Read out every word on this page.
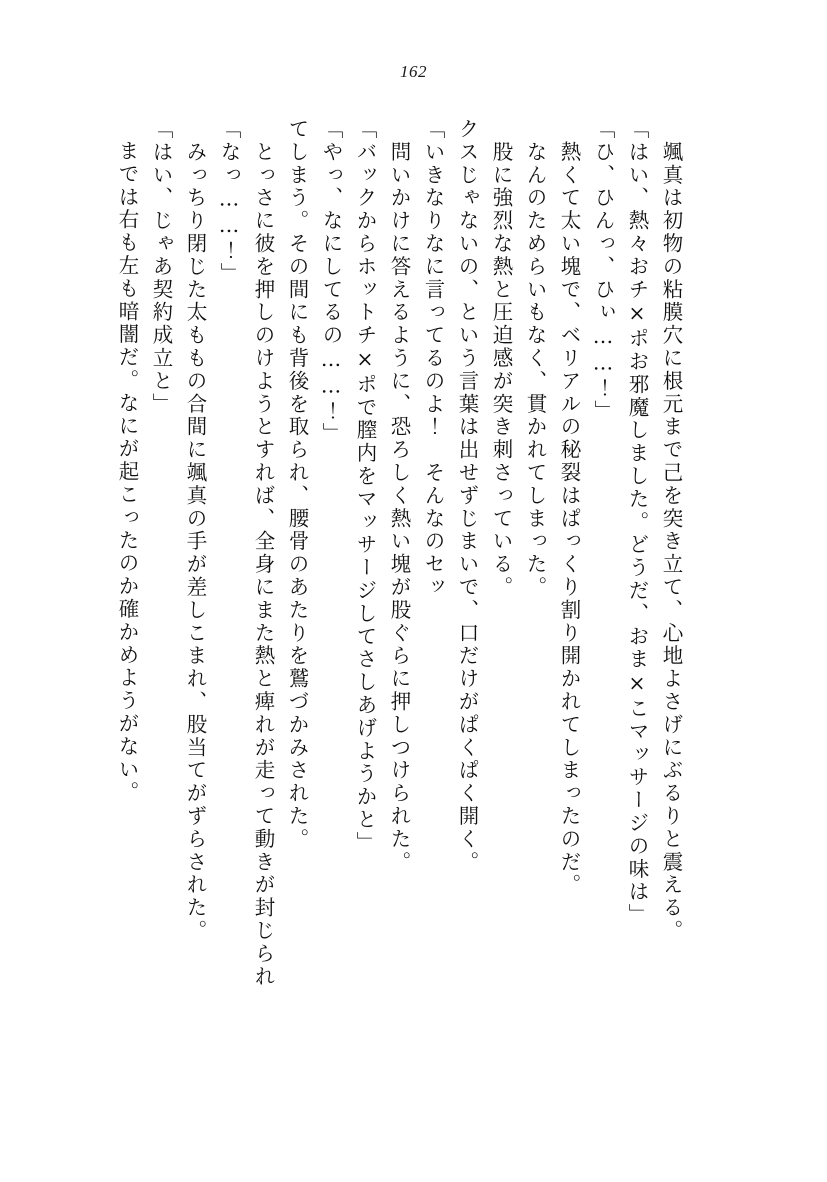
162
までは右も左も暗闇だ。なにが起こったのか確かめようがない。 「はい、じゃあ契約成立と」 　みっちり閉じた太ももの合間に颯真の手が差しこまれ、股当てがずらされた。 「なっ……！」 　とっさに彼を押しのけようとすれば、全身にまた熱と痺れが走って動きが封じられ てしまう。その間にも背後を取られ、腰骨のあたりを鷲づかみされた。 「やっ、なにしてるの……！」 「バックからホットチ×ポで膣内をマッサージしてさしあげようかと」 　問いかけに答えるように、恐ろしく熱い塊が股ぐらに押しつけられた。 「いきなりなに言ってるのよ！　そんなのセッ クスじゃないの、という言葉は出せずじまいで、口だけがぱくぱく開く。 　股に強烈な熱と圧迫感が突き刺さっている。 　なんのためらいもなく、貫かれてしまった。 　熱くて太い塊で、ベリアルの秘裂はぱっくり割り開かれてしまったのだ。 「ひ、ひんっ、ひぃ……！」 「はい、熱々おチ×ポお邪魔しました。どうだ、おま×こマッサージの味は」 　颯真は初物の粘膜穴に根元まで己を突き立て、心地よさげにぶるりと震える。
